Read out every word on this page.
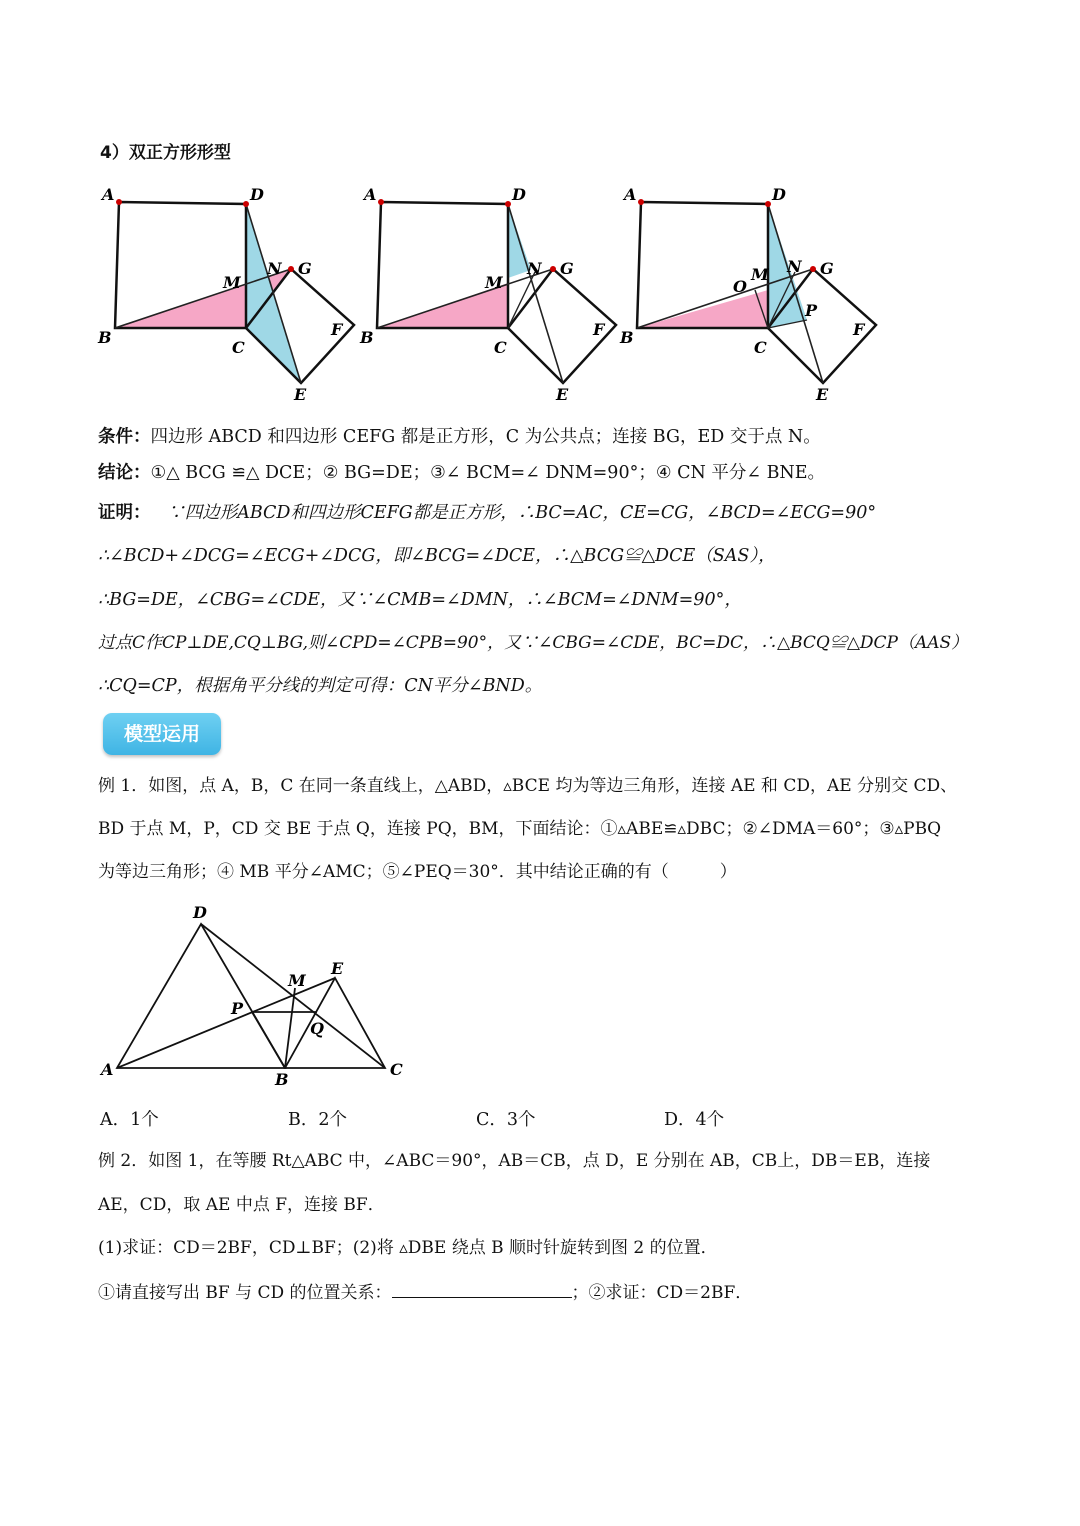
4）双正方形形型
A	D
B
C
M
N G
F
E
A	D
B
C
M
N G
F
E
A	D
B
C
M N G
F
E
O
P
条件：四边形 ABCD 和四边形 CEFG 都是正方形，C 为公共点；连接 BG，ED 交于点 N。
结论：①△ BCG ≌△ DCE；② BG=DE；③∠ BCM=∠ DNM=90°；④ CN 平分∠ BNE。
证明： ∵四边形ABCD和四边形CEFG都是正方形，∴BC=AC，CE=CG，∠BCD=∠ECG=90°
∴∠BCD+∠DCG=∠ECG+∠DCG，即∠BCG=∠DCE，∴△BCG≌△DCE（SAS），
∴BG=DE，∠CBG=∠CDE，又∵∠CMB=∠DMN，∴∠BCM=∠DNM=90°，
过点C作CP⊥DE,CQ⊥BG,则∠CPD=∠CPB=90°，又∵∠CBG=∠CDE，BC=DC，∴△BCQ≌△DCP（AAS）
∴CQ=CP，根据角平分线的判定可得：CN平分∠BND。
模型运用
例 1．如图，点 A，B，C 在同一条直线上，△ABD，▵BCE 均为等边三角形，连接 AE 和 CD，AE 分别交 CD、
BD 于点 M，P，CD 交 BE 于点 Q，连接 PQ，BM，下面结论：①▵ABE≌▵DBC；②∠DMA＝60°；③▵PBQ
为等边三角形；④ MB 平分∠AMC；⑤∠PEQ＝30°．其中结论正确的有（　　　）
D
E
M
P
Q
A
B
C
A．1个	B．2个	C．3个	D．4个
例 2．如图 1，在等腰 Rt△ABC 中，∠ABC＝90°，AB＝CB，点 D，E 分别在 AB，CB上，DB＝EB，连接
AE，CD，取 AE 中点 F，连接 BF．
(1)求证：CD＝2BF，CD⊥BF；(2)将 ▵DBE 绕点 B 顺时针旋转到图 2 的位置．
①请直接写出 BF 与 CD 的位置关系：	；②求证：CD＝2BF．
